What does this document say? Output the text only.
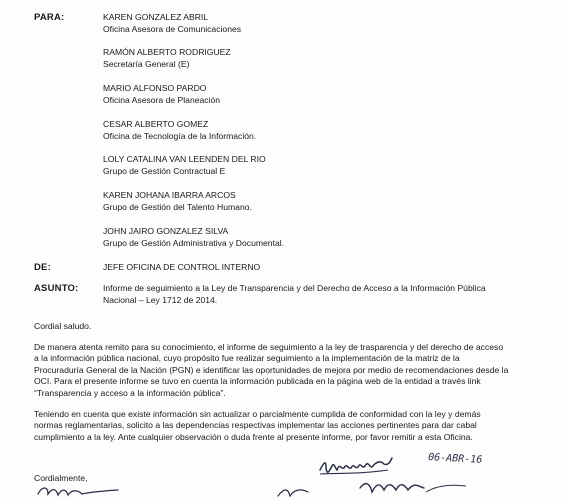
PARA:	KAREN GONZALEZ ABRIL
Oficina Asesora de Comunicaciones
RAMÓN ALBERTO RODRIGUEZ
Secretaría General (E)
MARIO ALFONSO PARDO
Oficina Asesora de Planeación
CESAR ALBERTO GOMEZ
Oficina de Tecnología de la Información.
LOLY CATALINA VAN LEENDEN DEL RIO
Grupo de Gestión Contractual E
KAREN JOHANA IBARRA ARCOS
Grupo de Gestión del Talento Humano.
JOHN JAIRO GONZALEZ SILVA
Grupo de Gestión Administrativa y Documental.
DE:	JEFE OFICINA DE CONTROL INTERNO
ASUNTO:	Informe de seguimiento a la Ley de Transparencia y del Derecho de Acceso a la Información Pública
Nacional – Ley 1712 de 2014.
Cordial saludo.
De manera atenta remito para su conocimiento, el informe de seguimiento a la ley de trasparencia y del derecho de acceso
a la información pública nacional, cuyo propósito fue realizar seguimiento a la implementación de la matriz de la
Procuraduría General de la Nación (PGN) e identificar las oportunidades de mejora por medio de recomendaciones desde la
OCI. Para el presente informe se tuvo en cuenta la información publicada en la página web de la entidad a través link
“Transparencia y acceso a la información pública”.
Teniendo en cuenta que existe información sin actualizar o parcialmente cumplida de conformidad con la ley y demás
normas reglamentarias, solicito a las dependencias respectivas implementar las acciones pertinentes para dar cabal
cumplimiento a la ley. Ante cualquier observación o duda frente al presente informe, por favor remitir a esta Oficina.
Cordialmente,
06-ABR-16
